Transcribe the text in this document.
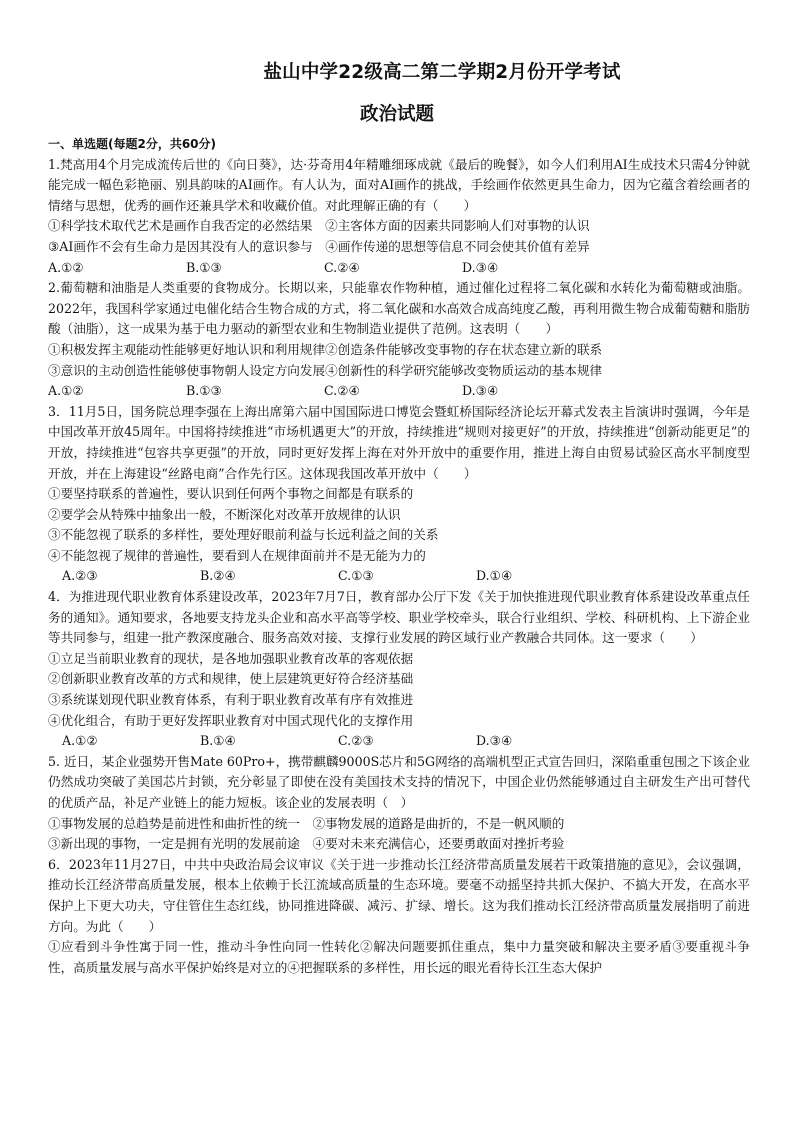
盐山中学22级高二第二学期2月份开学考试
政治试题
一、单选题(每题2分，共60分)

1.梵高用4个月完成流传后世的《向日葵》，达·芬奇用4年精雕细琢成就《最后的晚餐》，如今人们利用AI生成技术只需4分钟就能完成一幅色彩艳丽、别具韵味的AI画作。有人认为，面对AI画作的挑战，手绘画作依然更具生命力，因为它蕴含着绘画者的情绪与思想，优秀的画作还兼具学术和收藏价值。对此理解正确的有（　　）

①科学技术取代艺术是画作自我否定的必然结果　②主客体方面的因素共同影响人们对事物的认识

③AI画作不会有生命力是因其没有人的意识参与　④画作传递的思想等信息不同会使其价值有差异

A.①②	B.①③	C.②④	D.③④

2.葡萄糖和油脂是人类重要的食物成分。长期以来，只能靠农作物种植，通过催化过程将二氧化碳和水转化为葡萄糖或油脂。2022年，我国科学家通过电催化结合生物合成的方式，将二氧化碳和水高效合成高纯度乙酸，再利用微生物合成葡萄糖和脂肪酸（油脂），这一成果为基于电力驱动的新型农业和生物制造业提供了范例。这表明（　　）

①积极发挥主观能动性能够更好地认识和利用规律②创造条件能够改变事物的存在状态建立新的联系

③意识的主动创造性能够使事物朝人设定方向发展④创新性的科学研究能够改变物质运动的基本规律

A.①②	B.①③	C.②④	D.③④

3．11月5日，国务院总理李强在上海出席第六届中国国际进口博览会暨虹桥国际经济论坛开幕式发表主旨演讲时强调，今年是中国改革开放45周年。中国将持续推进“市场机遇更大”的开放，持续推进“规则对接更好”的开放，持续推进“创新动能更足”的开放，持续推进“包容共享更强”的开放，同时更好发挥上海在对外开放中的重要作用，推进上海自由贸易试验区高水平制度型开放，并在上海建设“丝路电商”合作先行区。这体现我国改革开放中（　　）

①要坚持联系的普遍性，要认识到任何两个事物之间都是有联系的

②要学会从特殊中抽象出一般，不断深化对改革开放规律的认识

③不能忽视了联系的多样性，要处理好眼前利益与长远利益之间的关系

④不能忽视了规律的普遍性，要看到人在规律面前并不是无能为力的

A.②③	B.②④	C.①③	D.①④

4．为推进现代职业教育体系建设改革，2023年7月7日，教育部办公厅下发《关于加快推进现代职业教育体系建设改革重点任务的通知》。通知要求，各地要支持龙头企业和高水平高等学校、职业学校牵头，联合行业组织、学校、科研机构、上下游企业等共同参与，组建一批产教深度融合、服务高效对接、支撑行业发展的跨区域行业产教融合共同体。这一要求（　　）

①立足当前职业教育的现状，是各地加强职业教育改革的客观依据

②创新职业教育改革的方式和规律，使上层建筑更好符合经济基础

③系统谋划现代职业教育体系，有利于职业教育改革有序有效推进

④优化组合，有助于更好发挥职业教育对中国式现代化的支撑作用

A.①②	B.①④	C.②③	D.③④

5. 近日，某企业强势开售Mate 60Pro+，携带麒麟9000S芯片和5G网络的高端机型正式宣告回归，深陷重重包围之下该企业仍然成功突破了美国芯片封锁，充分彰显了即使在没有美国技术支持的情况下，中国企业仍然能够通过自主研发生产出可替代的优质产品，补足产业链上的能力短板。该企业的发展表明（　）

①事物发展的总趋势是前进性和曲折性的统一　②事物发展的道路是曲折的，不是一帆风顺的

③新出现的事物，一定是拥有光明的发展前途　④要对未来充满信心，还要勇敢面对挫折考验

6．2023年11月27日，中共中央政治局会议审议《关于进一步推动长江经济带高质量发展若干政策措施的意见》，会议强调，推动长江经济带高质量发展，根本上依赖于长江流域高质量的生态环境。要毫不动摇坚持共抓大保护、不搞大开发，在高水平保护上下更大功夫，守住管住生态红线，协同推进降碳、减污、扩绿、增长。这为我们推动长江经济带高质量发展指明了前进方向。为此（　　）

①应看到斗争性寓于同一性，推动斗争性向同一性转化②解决问题要抓住重点，集中力量突破和解决主要矛盾③要重视斗争性，高质量发展与高水平保护始终是对立的④把握联系的多样性，用长远的眼光看待长江生态大保护
